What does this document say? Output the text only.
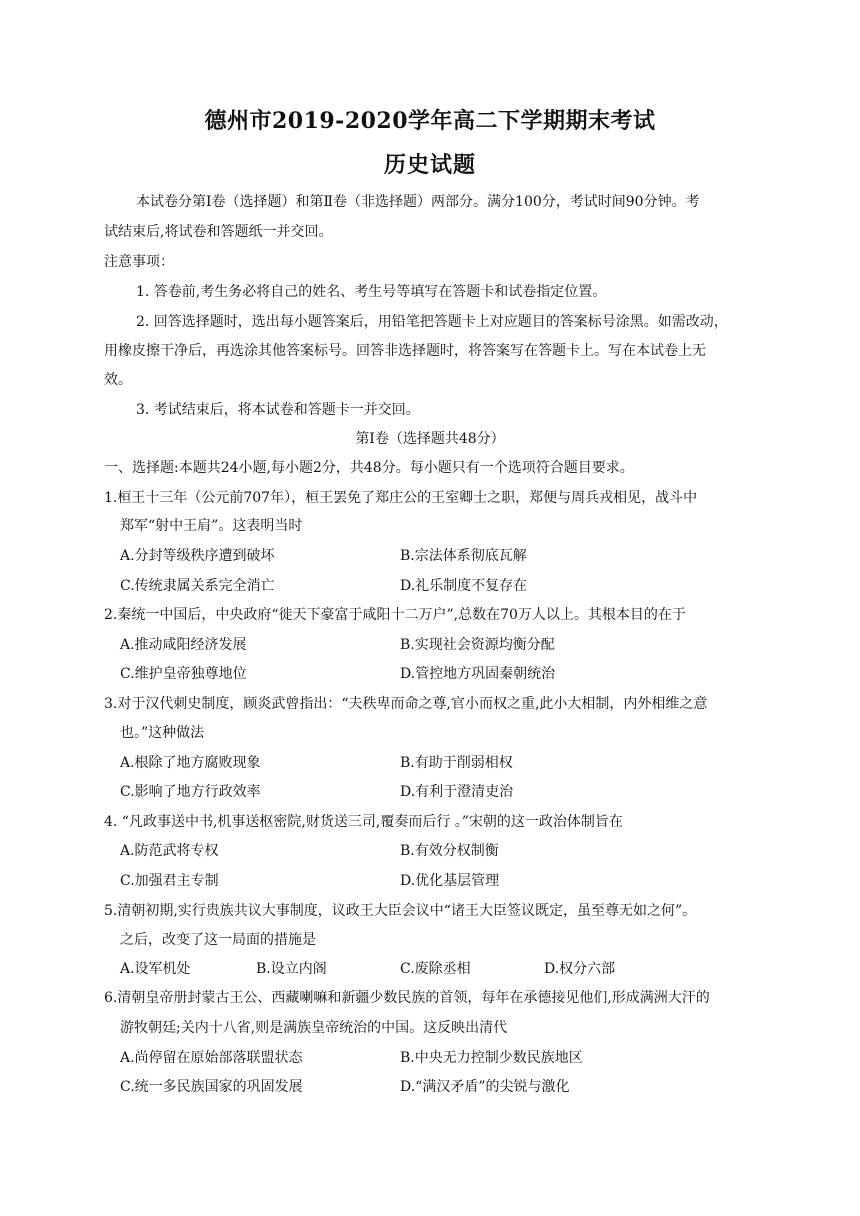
德州市2019-2020学年高二下学期期末考试
历史试题
本试卷分第Ⅰ卷（选择题）和第Ⅱ卷（非选择题）两部分。满分100分，考试时间90分钟。考
试结束后,将试卷和答题纸一并交回。
注意事项：
1. 答卷前,考生务必将自己的姓名、考生号等填写在答题卡和试卷指定位置。
2. 回答选择题时，选出每小题答案后，用铅笔把答题卡上对应题目的答案标号涂黑。如需改动，
用橡皮擦干净后，再选涂其他答案标号。回答非选择题时，将答案写在答题卡上。写在本试卷上无
效。
3. 考试结束后，将本试卷和答题卡一并交回。
第Ⅰ卷（选择题共48分）
一、选择题:本题共24小题,每小题2分，共48分。每小题只有一个选项符合题目要求。
1.桓王十三年（公元前707年），桓王罢免了郑庄公的王室卿士之职，郑便与周兵戎相见，战斗中
郑军“射中王肩”。这表明当时
A.分封等级秩序遭到破坏	B.宗法体系彻底瓦解
C.传统隶属关系完全消亡	D.礼乐制度不复存在
2.秦统一中国后，中央政府“徙天下豪富于咸阳十二万户”,总数在70万人以上。其根本目的在于
A.推动咸阳经济发展	B.实现社会资源均衡分配
C.维护皇帝独尊地位	D.管控地方巩固秦朝统治
3.对于汉代刺史制度，顾炎武曾指出：“夫秩卑而命之尊,官小而权之重,此小大相制，内外相维之意
也。”这种做法
A.根除了地方腐败现象	B.有助于削弱相权
C.影响了地方行政效率	D.有利于澄清吏治
4. “凡政事送中书,机事送枢密院,财货送三司,覆奏而后行 。”宋朝的这一政治体制旨在
A.防范武将专权	B.有效分权制衡
C.加强君主专制	D.优化基层管理
5.清朝初期,实行贵族共议大事制度，议政王大臣会议中“诸王大臣签议既定，虽至尊无如之何”。
之后，改变了这一局面的措施是
A.设军机处	B.设立内阁	C.废除丞相	D.权分六部
6.清朝皇帝册封蒙古王公、西藏喇嘛和新疆少数民族的首领，每年在承德接见他们,形成满洲大汗的
游牧朝廷;关内十八省,则是满族皇帝统治的中国。这反映出清代
A.尚停留在原始部落联盟状态	B.中央无力控制少数民族地区
C.统一多民族国家的巩固发展	D.“满汉矛盾”的尖锐与激化
